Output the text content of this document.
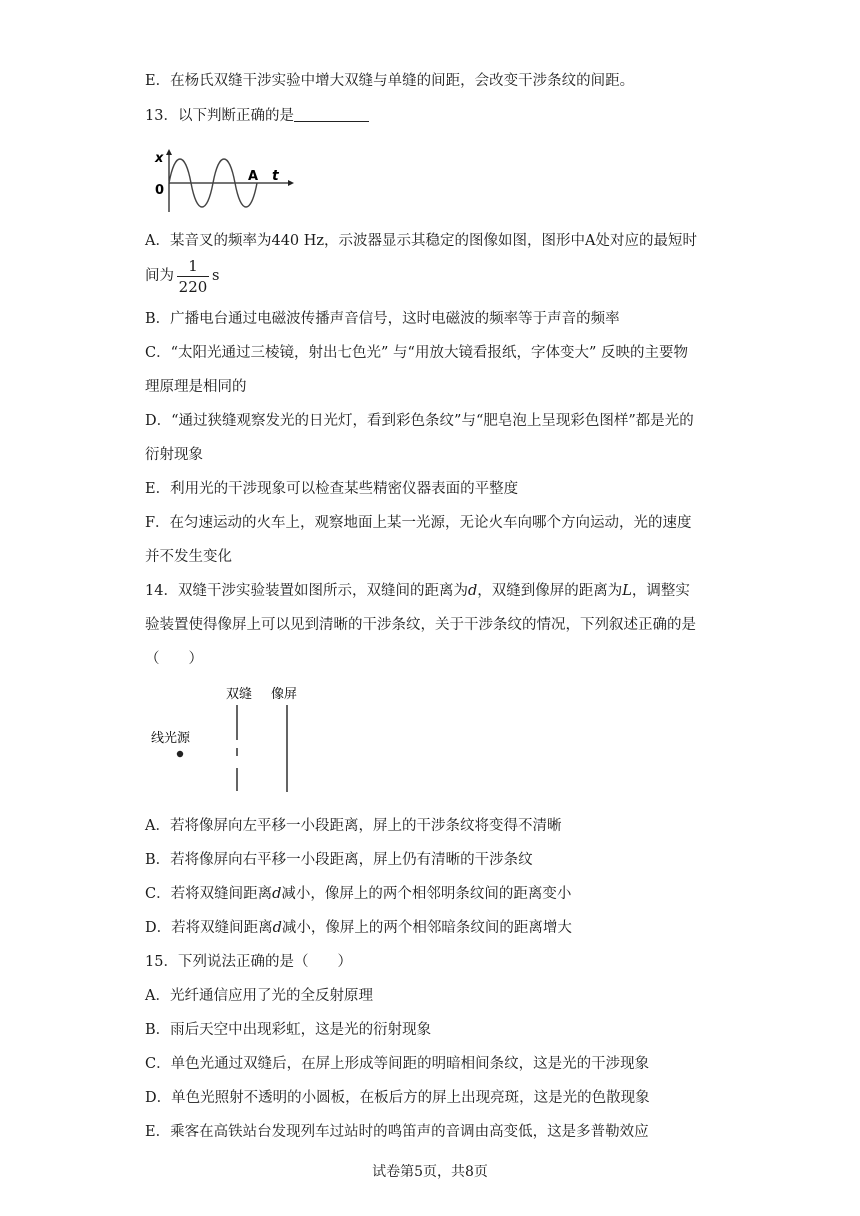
E．在杨氏双缝干涉实验中增大双缝与单缝的间距，会改变干涉条纹的间距。
13．以下判断正确的是
x
0
A t
A．某音叉的频率为440 Hz，示波器显示其稳定的图像如图，图形中A处对应的最短时
间为
1
220
s
B．广播电台通过电磁波传播声音信号，这时电磁波的频率等于声音的频率
C．“太阳光通过三棱镜，射出七色光” 与“用放大镜看报纸，字体变大” 反映的主要物
理原理是相同的
D．“通过狭缝观察发光的日光灯，看到彩色条纹”与“肥皂泡上呈现彩色图样”都是光的
衍射现象
E．利用光的干涉现象可以检查某些精密仪器表面的平整度
F．在匀速运动的火车上，观察地面上某一光源，无论火车向哪个方向运动，光的速度
并不发生变化
14．双缝干涉实验装置如图所示，双缝间的距离为d，双缝到像屏的距离为L，调整实
验装置使得像屏上可以见到清晰的干涉条纹，关于干涉条纹的情况，下列叙述正确的是
（　　）
双缝 像屏
线光源
A．若将像屏向左平移一小段距离，屏上的干涉条纹将变得不清晰
B．若将像屏向右平移一小段距离，屏上仍有清晰的干涉条纹
C．若将双缝间距离d减小，像屏上的两个相邻明条纹间的距离变小
D．若将双缝间距离d减小，像屏上的两个相邻暗条纹间的距离增大
15．下列说法正确的是（　　）
A．光纤通信应用了光的全反射原理
B．雨后天空中出现彩虹，这是光的衍射现象
C．单色光通过双缝后，在屏上形成等间距的明暗相间条纹，这是光的干涉现象
D．单色光照射不透明的小圆板，在板后方的屏上出现亮斑，这是光的色散现象
E．乘客在高铁站台发现列车过站时的鸣笛声的音调由高变低，这是多普勒效应
试卷第5页，共8页
